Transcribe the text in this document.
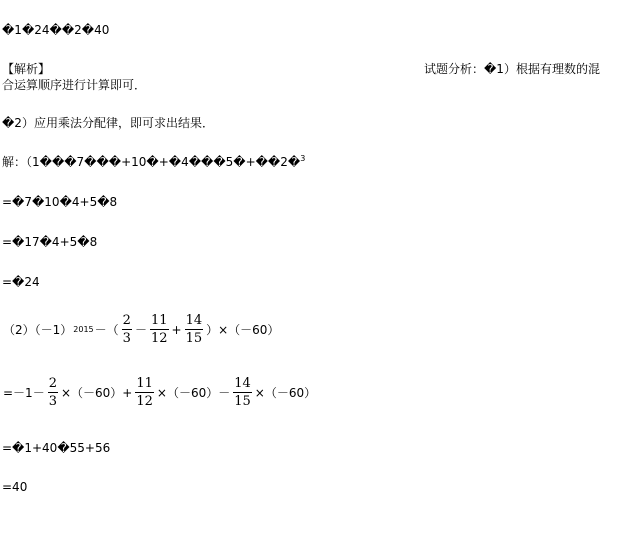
�1�24��2�40
【解析】	试题分析：�1）根据有理数的混
合运算顺序进行计算即可．
�2）应用乘法分配律，即可求出结果．
解：（1���7���+10�+�4���5�+��2�$^3$
=�7�10�4+5�8
=�17�4+5�8
=�24
（2）（－1） 2015 －（ $\frac{2}{3} - \frac{11}{12} + \frac{14}{15} )\times(-60)$
$=-1- \frac{2}{3} \times(-60)+ \frac{11}{12} \times(-60)- \frac{14}{15} \times(-60)$
=�1+40�55+56
=40
